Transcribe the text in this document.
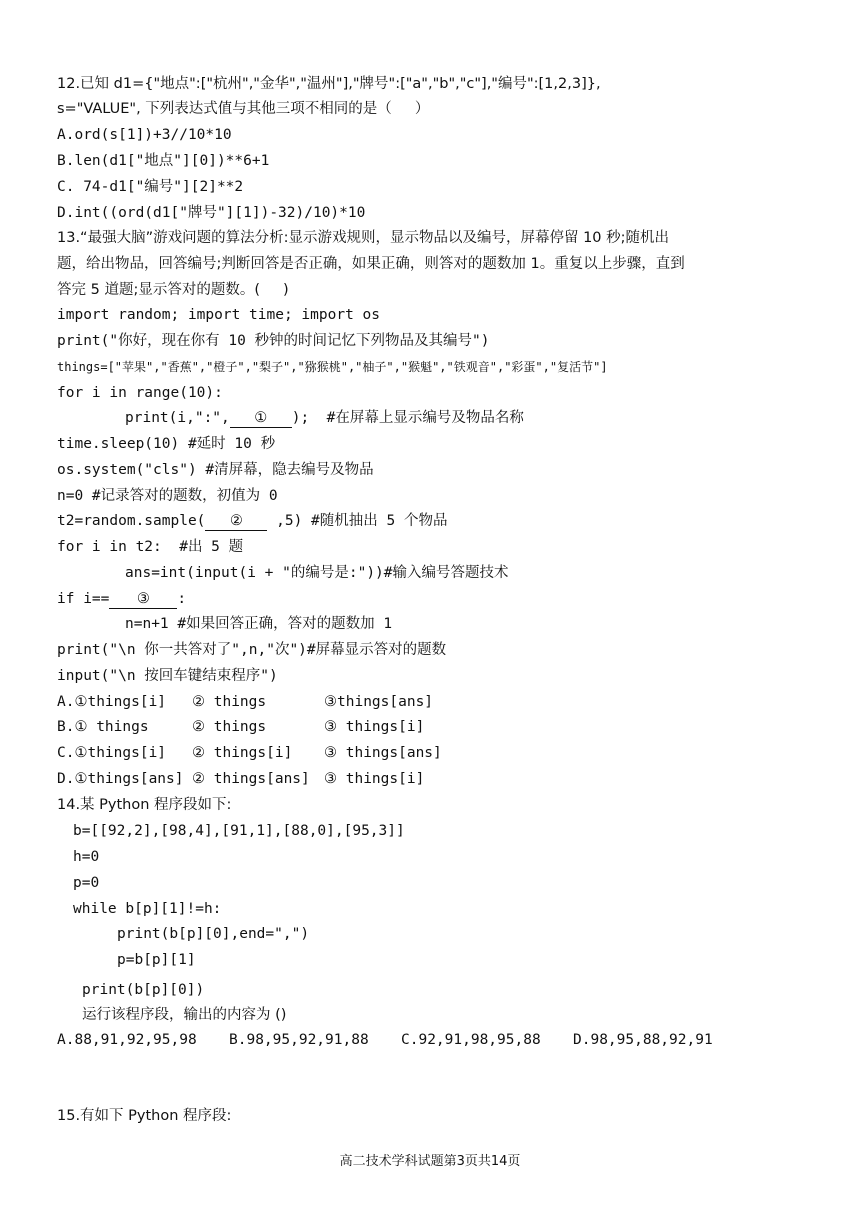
12.已知 d1={"地点":["杭州","金华","温州"],"牌号":["a","b","c"],"编号":[1,2,3]},
s="VALUE", 下列表达式值与其他三项不相同的是（     ）
A.ord(s[1])+3//10*10
B.len(d1["地点"][0])**6+1
C. 74-d1["编号"][2]**2
D.int((ord(d1["牌号"][1])-32)/10)*10
13.“最强大脑”游戏问题的算法分析:显示游戏规则，显示物品以及编号，屏幕停留 10 秒;随机出
题，给出物品，回答编号;判断回答是否正确，如果正确，则答对的题数加 1。重复以上步骤，直到
答完 5 道题;显示答对的题数。(     )
import random; import time; import os
print("你好，现在你有 10 秒钟的时间记忆下列物品及其编号")
things=["苹果","香蕉","橙子","梨子","猕猴桃","柚子","猴魁","铁观音","彩蛋","复活节"]
for i in range(10):
print(i,":", ① );  #在屏幕上显示编号及物品名称
time.sleep(10) #延时 10 秒
os.system("cls") #清屏幕，隐去编号及物品
n=0 #记录答对的题数，初值为 0
t2=random.sample( ② ,5) #随机抽出 5 个物品
for i in t2:  #出 5 题
ans=int(input(i + "的编号是:"))#输入编号答题技术
if i== ③ :
n=n+1 #如果回答正确，答对的题数加 1
print("\n 你一共答对了",n,"次")#屏幕显示答对的题数
input("\n 按回车键结束程序")
A.①things[i] ② things	③things[ans]
B.① things	② things	③ things[i]
C.①things[i] ② things[i] ③ things[ans]
D.①things[ans] ② things[ans] ③ things[i]
14.某 Python 程序段如下:
b=[[92,2],[98,4],[91,1],[88,0],[95,3]]
h=0
p=0
while b[p][1]!=h:
print(b[p][0],end=",")
p=b[p][1]
print(b[p][0])
运行该程序段，输出的内容为 ()
A.88,91,92,95,98 B.98,95,92,91,88 C.92,91,98,95,88 D.98,95,88,92,91
15.有如下 Python 程序段:
高二技术学科试题第3页共14页
